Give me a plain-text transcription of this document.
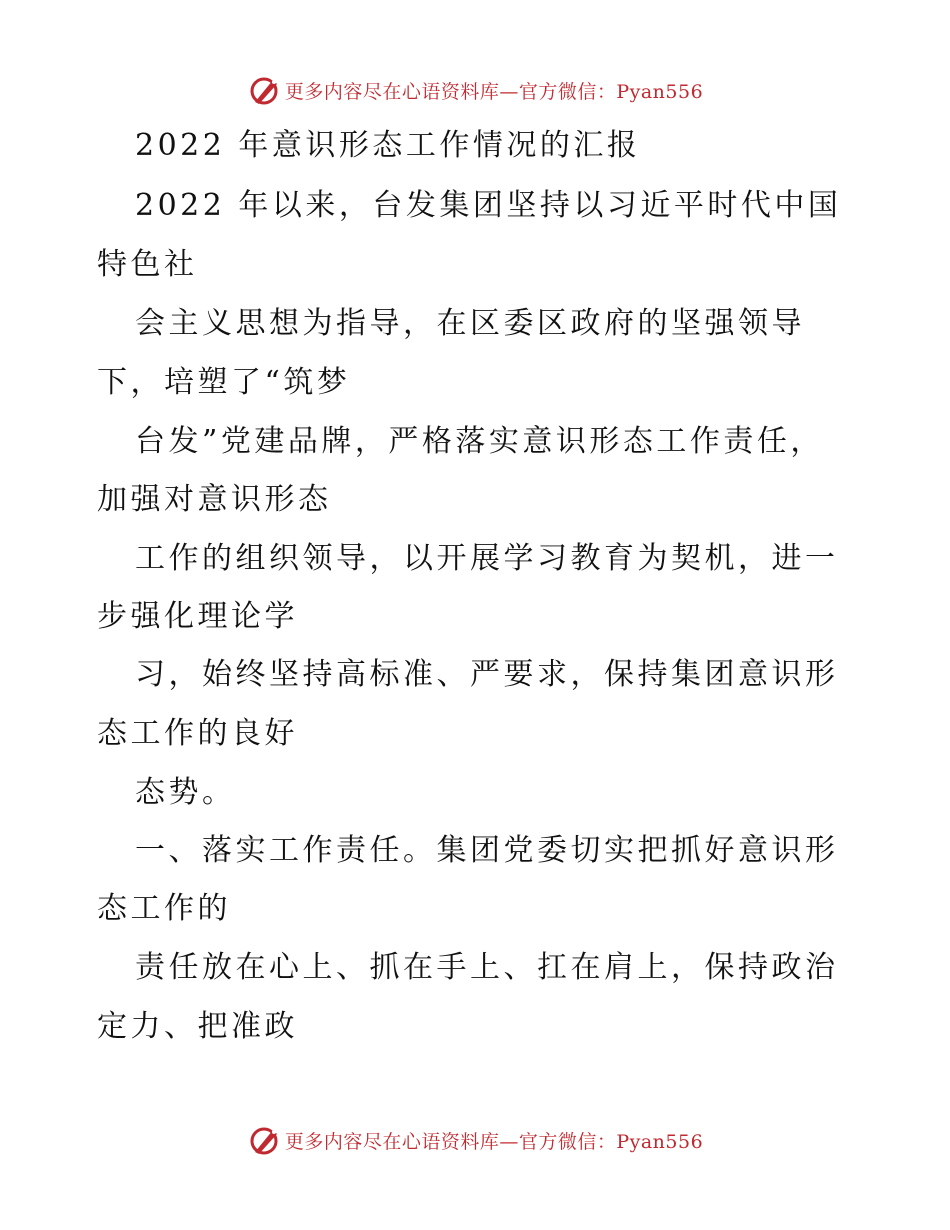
更多内容尽在心语资料库—官方微信：Pyan556
2022 年意识形态工作情况的汇报
2022 年以来，台发集团坚持以习近平时代中国
特色社
会主义思想为指导，在区委区政府的坚强领导
下，培塑了“筑梦
台发”党建品牌，严格落实意识形态工作责任，
加强对意识形态
工作的组织领导，以开展学习教育为契机，进一
步强化理论学
习，始终坚持高标准、严要求，保持集团意识形
态工作的良好
态势。
一、落实工作责任。集团党委切实把抓好意识形
态工作的
责任放在心上、抓在手上、扛在肩上，保持政治
定力、把准政
更多内容尽在心语资料库—官方微信：Pyan556
